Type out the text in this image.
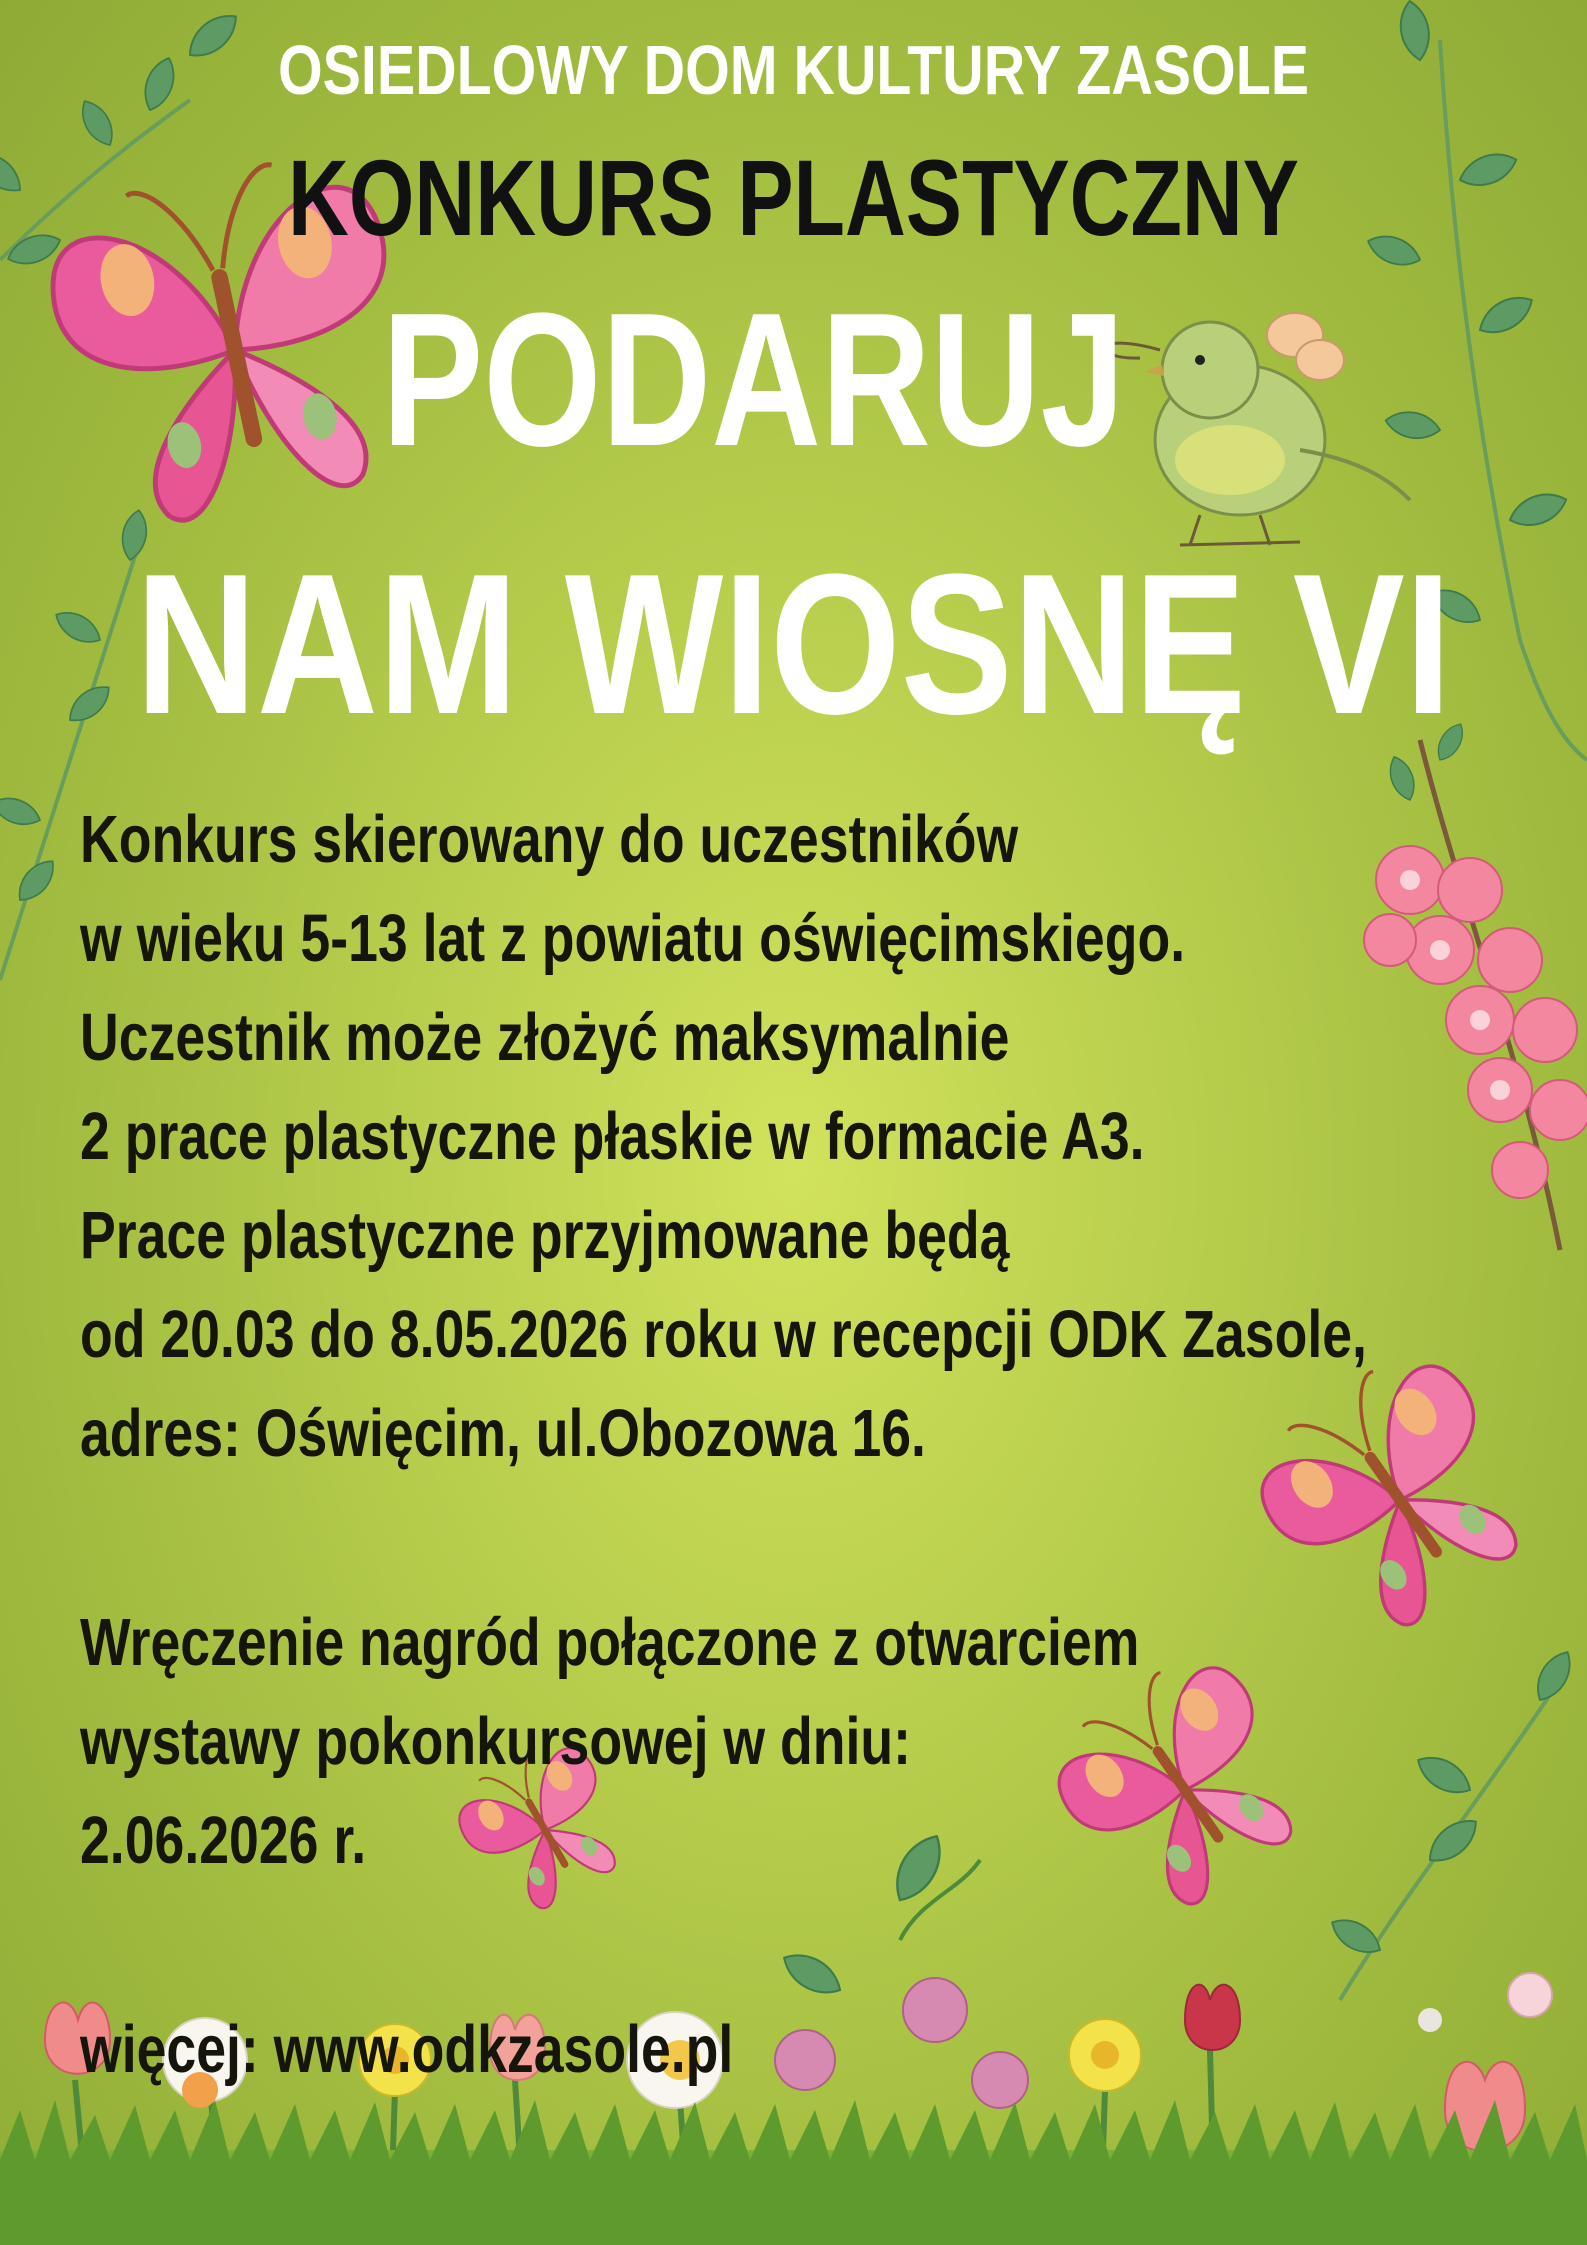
OSIEDLOWY DOM KULTURY ZASOLE
KONKURS PLASTYCZNY
PODARUJ
NAM WIOSNĘ VI
Konkurs skierowany do uczestników
w wieku 5-13 lat z powiatu oświęcimskiego.
Uczestnik może złożyć maksymalnie
2 prace plastyczne płaskie w formacie A3.
Prace plastyczne przyjmowane będą
od 20.03 do 8.05.2026 roku w recepcji ODK Zasole,
adres: Oświęcim, ul.Obozowa 16.
Wręczenie nagród połączone z otwarciem
wystawy pokonkursowej w dniu:
2.06.2026 r.
więcej: www.odkzasole.pl
